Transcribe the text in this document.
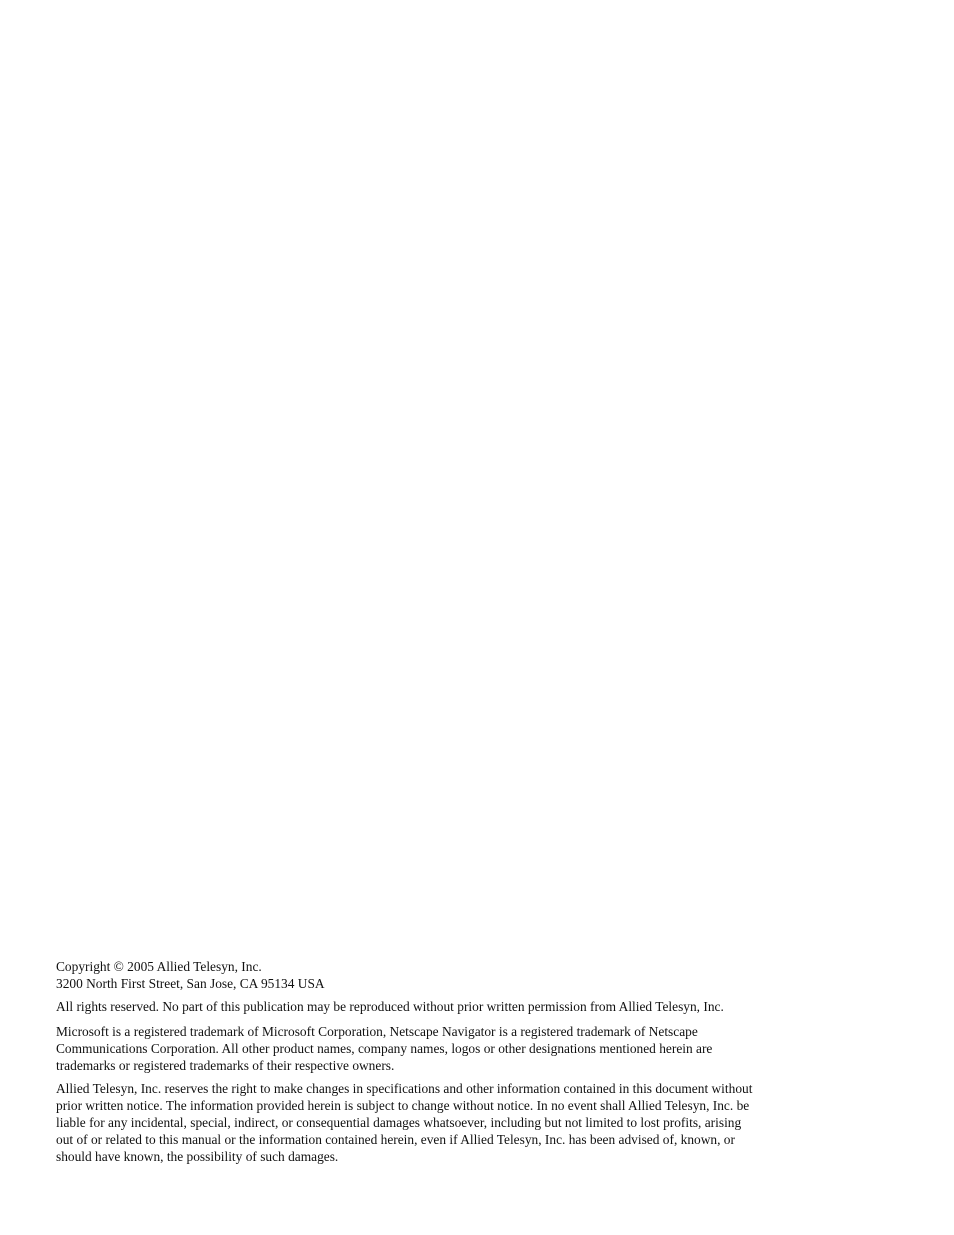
Copyright © 2005 Allied Telesyn, Inc.
3200 North First Street, San Jose, CA 95134 USA
All rights reserved. No part of this publication may be reproduced without prior written permission from Allied Telesyn, Inc.
Microsoft is a registered trademark of Microsoft Corporation, Netscape Navigator is a registered trademark of Netscape
Communications Corporation. All other product names, company names, logos or other designations mentioned herein are
trademarks or registered trademarks of their respective owners.
Allied Telesyn, Inc. reserves the right to make changes in specifications and other information contained in this document without
prior written notice. The information provided herein is subject to change without notice. In no event shall Allied Telesyn, Inc. be
liable for any incidental, special, indirect, or consequential damages whatsoever, including but not limited to lost profits, arising
out of or related to this manual or the information contained herein, even if Allied Telesyn, Inc. has been advised of, known, or
should have known, the possibility of such damages.
